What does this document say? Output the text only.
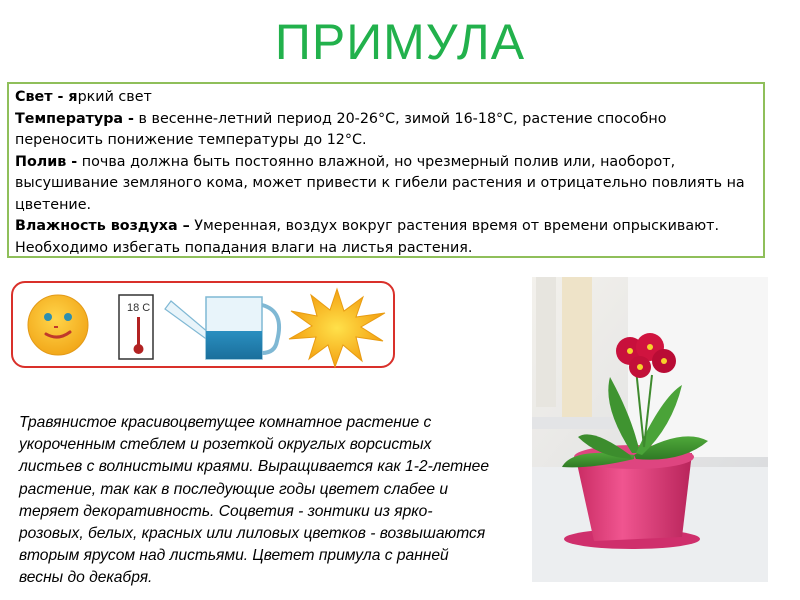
ПРИМУЛА

Свет - яркий свет

Температура - в весенне-летний период 20-26°С, зимой 16-18°С, растение способно переносить понижение температуры до 12°С.

Полив - почва должна быть постоянно влажной, но чрезмерный полив или, наоборот, высушивание земляного кома, может привести к гибели растения и отрицательно повлиять на цветение.

Влажность воздуха – Умеренная, воздух вокруг растения время от времени опрыскивают. Необходимо избегать попадания влаги на листья растения.

18 С
Травянистое красивоцветущее комнатное растение с укороченным стеблем и розеткой округлых ворсистых листьев с волнистыми краями. Выращивается как 1-2-летнее растение, так как в последующие годы цветет слабее и теряет декоративность. Соцветия - зонтики из ярко-розовых, белых, красных или лиловых цветков - возвышаются вторым ярусом над листьями. Цветет примула с ранней весны до декабря.
